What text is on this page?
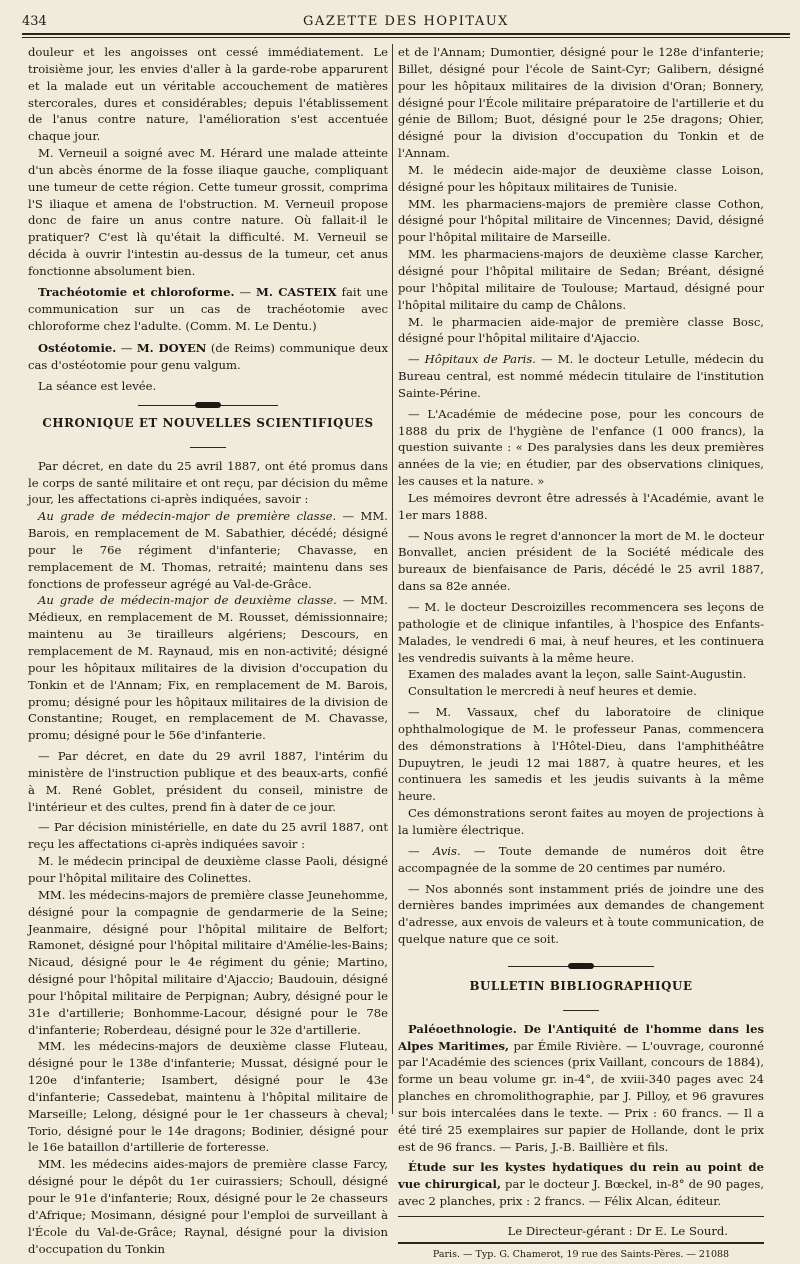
434	GAZETTE DES HOPITAUX

douleur et les angoisses ont cessé immédiatement. Le troisième jour, les envies d'aller à la garde-robe apparurent et la malade eut un véritable accouchement de matières stercorales, dures et considérables; depuis l'établissement de l'anus contre nature, l'amélioration s'est accentuée chaque jour.

M. Verneuil a soigné avec M. Hérard une malade atteinte d'un abcès énorme de la fosse iliaque gauche, compliquant une tumeur de cette région. Cette tumeur grossit, comprima l'S iliaque et amena de l'obstruction. M. Verneuil propose donc de faire un anus contre nature. Où fallait-il le pratiquer? C'est là qu'était la difficulté. M. Verneuil se décida à ouvrir l'intestin au-dessus de la tumeur, cet anus fonctionne absolument bien.

Trachéotomie et chloroforme. — M. CASTEIX fait une communication sur un cas de trachéotomie avec chloroforme chez l'adulte. (Comm. M. Le Dentu.)

Ostéotomie. — M. DOYEN (de Reims) communique deux cas d'ostéotomie pour genu valgum.

La séance est levée.

CHRONIQUE ET NOUVELLES SCIENTIFIQUES

Par décret, en date du 25 avril 1887, ont été promus dans le corps de santé militaire et ont reçu, par décision du même jour, les affectations ci-après indiquées, savoir :

Au grade de médecin-major de première classe. — MM. Barois, en remplacement de M. Sabathier, décédé; désigné pour le 76e régiment d'infanterie; Chavasse, en remplacement de M. Thomas, retraité; maintenu dans ses fonctions de professeur agrégé au Val-de-Grâce.

Au grade de médecin-major de deuxième classe. — MM. Médieux, en remplacement de M. Rousset, démissionnaire; maintenu au 3e tirailleurs algériens; Descours, en remplacement de M. Raynaud, mis en non-activité; désigné pour les hôpitaux militaires de la division d'occupation du Tonkin et de l'Annam; Fix, en remplacement de M. Barois, promu; désigné pour les hôpitaux militaires de la division de Constantine; Rouget, en remplacement de M. Chavasse, promu; désigné pour le 56e d'infanterie.

— Par décret, en date du 29 avril 1887, l'intérim du ministère de l'instruction publique et des beaux-arts, confié à M. René Goblet, président du conseil, ministre de l'intérieur et des cultes, prend fin à dater de ce jour.

— Par décision ministérielle, en date du 25 avril 1887, ont reçu les affectations ci-après indiquées savoir :

M. le médecin principal de deuxième classe Paoli, désigné pour l'hôpital militaire des Colinettes.

MM. les médecins-majors de première classe Jeunehomme, désigné pour la compagnie de gendarmerie de la Seine; Jeanmaire, désigné pour l'hôpital militaire de Belfort; Ramonet, désigné pour l'hôpital militaire d'Amélie-les-Bains; Nicaud, désigné pour le 4e régiment du génie; Martino, désigné pour l'hôpital militaire d'Ajaccio; Baudouin, désigné pour l'hôpital militaire de Perpignan; Aubry, désigné pour le 31e d'artillerie; Bonhomme-Lacour, désigné pour le 78e d'infanterie; Roberdeau, désigné pour le 32e d'artillerie.

MM. les médecins-majors de deuxième classe Fluteau, désigné pour le 138e d'infanterie; Mussat, désigné pour le 120e d'infanterie; Isambert, désigné pour le 43e d'infanterie; Cassedebat, maintenu à l'hôpital militaire de Marseille; Lelong, désigné pour le 1er chasseurs à cheval; Torio, désigné pour le 14e dragons; Bodinier, désigné pour le 16e bataillon d'artillerie de forteresse.

MM. les médecins aides-majors de première classe Farcy, désigné pour le dépôt du 1er cuirassiers; Schoull, désigné pour le 91e d'infanterie; Roux, désigné pour le 2e chasseurs d'Afrique; Mosimann, désigné pour l'emploi de surveillant à l'École du Val-de-Grâce; Raynal, désigné pour la division d'occupation du Tonkin

et de l'Annam; Dumontier, désigné pour le 128e d'infanterie; Billet, désigné pour l'école de Saint-Cyr; Galibern, désigné pour les hôpitaux militaires de la division d'Oran; Bonnery, désigné pour l'École militaire préparatoire de l'artillerie et du génie de Billom; Buot, désigné pour le 25e dragons; Ohier, désigné pour la division d'occupation du Tonkin et de l'Annam.

M. le médecin aide-major de deuxième classe Loison, désigné pour les hôpitaux militaires de Tunisie.

MM. les pharmaciens-majors de première classe Cothon, désigné pour l'hôpital militaire de Vincennes; David, désigné pour l'hôpital militaire de Marseille.

MM. les pharmaciens-majors de deuxième classe Karcher, désigné pour l'hôpital militaire de Sedan; Bréant, désigné pour l'hôpital militaire de Toulouse; Martaud, désigné pour l'hôpital militaire du camp de Châlons.

M. le pharmacien aide-major de première classe Bosc, désigné pour l'hôpital militaire d'Ajaccio.

— Hôpitaux de Paris. — M. le docteur Letulle, médecin du Bureau central, est nommé médecin titulaire de l'institution Sainte-Périne.

— L'Académie de médecine pose, pour les concours de 1888 du prix de l'hygiène de l'enfance (1 000 francs), la question suivante : « Des paralysies dans les deux premières années de la vie; en étudier, par des observations cliniques, les causes et la nature. »

Les mémoires devront être adressés à l'Académie, avant le 1er mars 1888.

— Nous avons le regret d'annoncer la mort de M. le docteur Bonvallet, ancien président de la Société médicale des bureaux de bienfaisance de Paris, décédé le 25 avril 1887, dans sa 82e année.

— M. le docteur Descroizilles recommencera ses leçons de pathologie et de clinique infantiles, à l'hospice des Enfants-Malades, le vendredi 6 mai, à neuf heures, et les continuera les vendredis suivants à la même heure.

Examen des malades avant la leçon, salle Saint-Augustin.

Consultation le mercredi à neuf heures et demie.

— M. Vassaux, chef du laboratoire de clinique ophthalmologique de M. le professeur Panas, commencera des démonstrations à l'Hôtel-Dieu, dans l'amphithéâtre Dupuytren, le jeudi 12 mai 1887, à quatre heures, et les continuera les samedis et les jeudis suivants à la même heure.

Ces démonstrations seront faites au moyen de projections à la lumière électrique.

— Avis. — Toute demande de numéros doit être accompagnée de la somme de 20 centimes par numéro.

— Nos abonnés sont instamment priés de joindre une des dernières bandes imprimées aux demandes de changement d'adresse, aux envois de valeurs et à toute communication, de quelque nature que ce soit.

BULLETIN BIBLIOGRAPHIQUE

Paléoethnologie. De l'Antiquité de l'homme dans les Alpes Maritimes, par Émile Rivière. — L'ouvrage, couronné par l'Académie des sciences (prix Vaillant, concours de 1884), forme un beau volume gr. in-4°, de xviii-340 pages avec 24 planches en chromolithographie, par J. Pilloy, et 96 gravures sur bois intercalées dans le texte. — Prix : 60 francs. — Il a été tiré 25 exemplaires sur papier de Hollande, dont le prix est de 96 francs. — Paris, J.-B. Baillière et fils.

Étude sur les kystes hydatiques du rein au point de vue chirurgical, par le docteur J. Bœckel, in-8° de 90 pages, avec 2 planches, prix : 2 francs. — Félix Alcan, éditeur.

Le Directeur-gérant : Dr E. Le Sourd.
Paris. — Typ. G. Chamerot, 19 rue des Saints-Pères. — 21088
